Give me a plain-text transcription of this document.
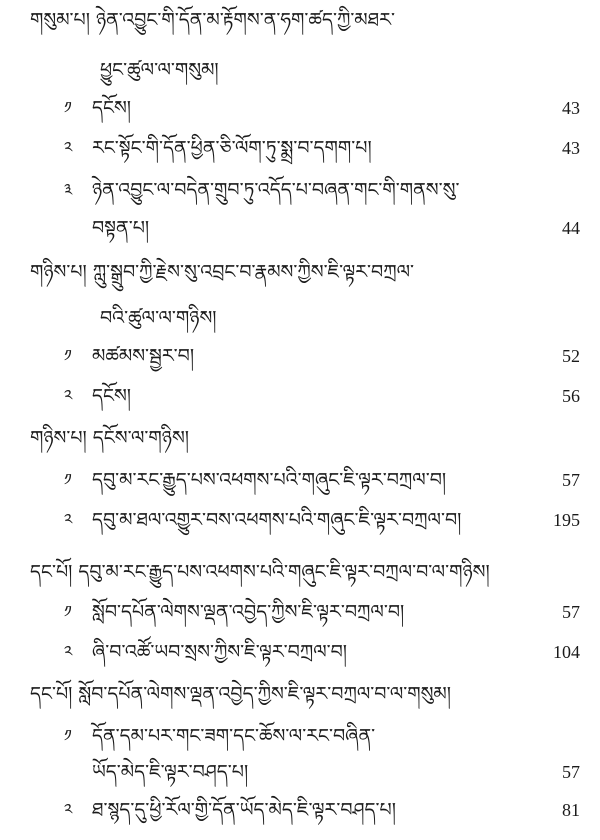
གསུམ་པ། ཉེན་འབྱུང་གི་དོན་མ་རྟོགས་ན་ཧག་ཚད་ཀྱི་མཐར་
ཕྱུང་ཚུལ་ལ་གསུམ།
༡	དངོས།	43
༢	རང་སྟོང་གི་དོན་ཕྱིན་ཅི་ལོག་ཏུ་སྨྲ་བ་དགག་པ།	43
༣	ཉེན་འབྱུང་ལ་བདེན་གྲུབ་ཏུ་འདོད་པ་བཞན་གང་གི་གནས་སུ་
བསྟན་པ།	44
གཉིས་པ། ཀླུ་སྒྲུབ་ཀྱི་རྗེས་སུ་འབྲང་བ་རྣམས་ཀྱིས་ཇི་ལྟར་བཀྲལ་
བའི་ཚུལ་ལ་གཉིས།
༡	མཚམས་སྦྱར་བ།	52
༢	དངོས།	56
གཉིས་པ། དངོས་ལ་གཉིས།
༡	དབུ་མ་རང་རྒྱུད་པས་འཕགས་པའི་གཞུང་ཇི་ལྟར་བཀྲལ་བ།	57
༢	དབུ་མ་ཐལ་འགྱུར་བས་འཕགས་པའི་གཞུང་ཇི་ལྟར་བཀྲལ་བ།	195
དང་པོ། དབུ་མ་རང་རྒྱུད་པས་འཕགས་པའི་གཞུང་ཇི་ལྟར་བཀྲལ་བ་ལ་གཉིས།
༡	སློབ་དཔོན་ལེགས་ལྡན་འབྱེད་ཀྱིས་ཇི་ལྟར་བཀྲལ་བ།	57
༢	ཞི་བ་འཚོ་ཡབ་སྲས་ཀྱིས་ཇི་ལྟར་བཀྲལ་བ།	104
དང་པོ། སློབ་དཔོན་ལེགས་ལྡན་འབྱེད་ཀྱིས་ཇི་ལྟར་བཀྲལ་བ་ལ་གསུམ།
༡	དོན་དམ་པར་གང་ཟག་དང་ཆོས་ལ་རང་བཞིན་
ཡོད་མེད་ཇི་ལྟར་བཤད་པ།	57
༢	ཐ་སྙད་དུ་ཕྱི་རོལ་གྱི་དོན་ཡོད་མེད་ཇི་ལྟར་བཤད་པ།	81
